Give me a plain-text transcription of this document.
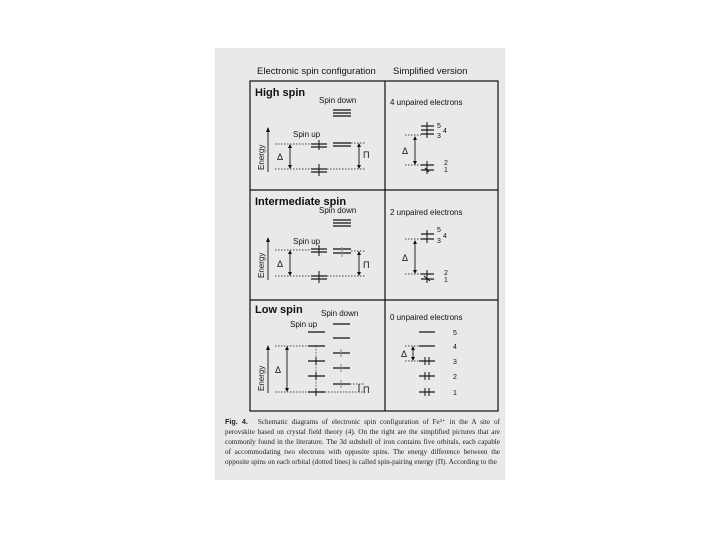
Electronic spin configuration Simplified version
High spin
Spin down
Spin up
Δ	Π
Energy
4 unpaired electrons
5
4
3
2
1
Δ
Intermediate spin
Spin down
Spin up
Δ	Π
Energy
2 unpaired electrons
5
4
3
2
1
Δ
Low spin Spin down
Spin up
Δ
Π
Energy
0 unpaired electrons
5
4
3
2
1
Δ
Fig. 4. Schematic diagrams of electronic spin configuration of Fe²⁺ in the A site of perovskite based on crystal field theory (4). On the right are the simplified pictures that are commonly found in the literature. The 3d subshell of iron contains five orbitals, each capable of accommodating two electrons with opposite spins. The energy difference between the opposite spins on each orbital (dotted lines) is called spin-pairing energy (Π). According to the
